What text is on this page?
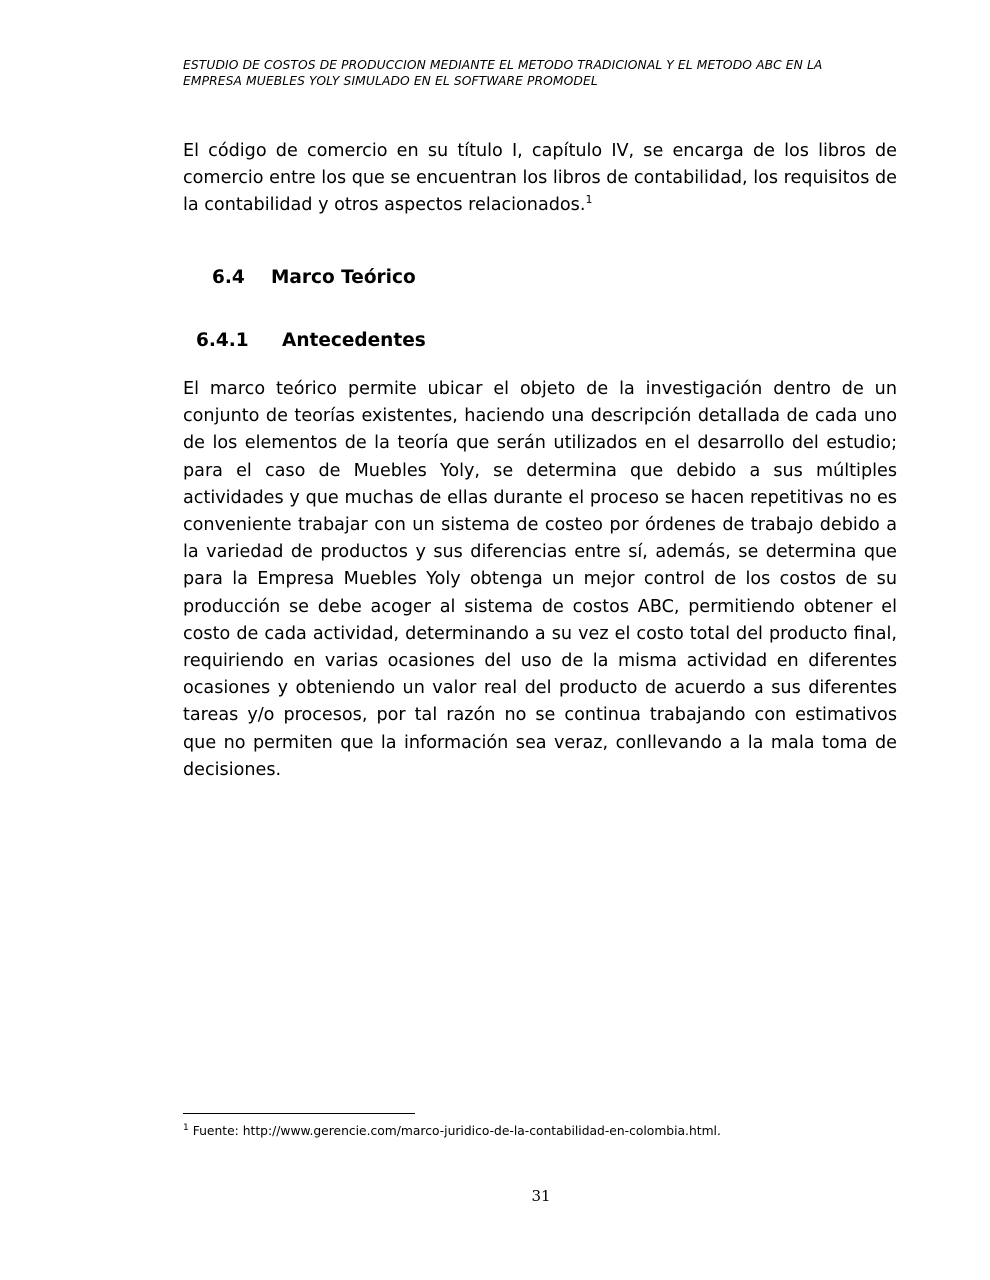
ESTUDIO DE COSTOS DE PRODUCCION MEDIANTE EL METODO TRADICIONAL Y EL METODO ABC EN LA
EMPRESA MUEBLES YOLY SIMULADO EN EL SOFTWARE PROMODEL

El código de comercio en su título I, capítulo IV, se encarga de los libros de comercio entre los que se encuentran los libros de contabilidad, los requisitos de la contabilidad y otros aspectos relacionados.$^1$

6.4 Marco Teórico
6.4.1 Antecedentes

El marco teórico permite ubicar el objeto de la investigación dentro de un conjunto de teorías existentes, haciendo una descripción detallada de cada uno de los elementos de la teoría que serán utilizados en el desarrollo del estudio; para el caso de Muebles Yoly, se determina que debido a sus múltiples actividades y que muchas de ellas durante el proceso se hacen repetitivas no es conveniente trabajar con un sistema de costeo por órdenes de trabajo debido a la variedad de productos y sus diferencias entre sí, además, se determina que para la Empresa Muebles Yoly obtenga un mejor control de los costos de su producción se debe acoger al sistema de costos ABC, permitiendo obtener el costo de cada actividad, determinando a su vez el costo total del producto final, requiriendo en varias ocasiones del uso de la misma actividad en diferentes ocasiones y obteniendo un valor real del producto de acuerdo a sus diferentes tareas y/o procesos, por tal razón no se continua trabajando con estimativos que no permiten que la información sea veraz, conllevando a la mala toma de decisiones.

$^1$ Fuente: http://www.gerencie.com/marco-juridico-de-la-contabilidad-en-colombia.html.

31
